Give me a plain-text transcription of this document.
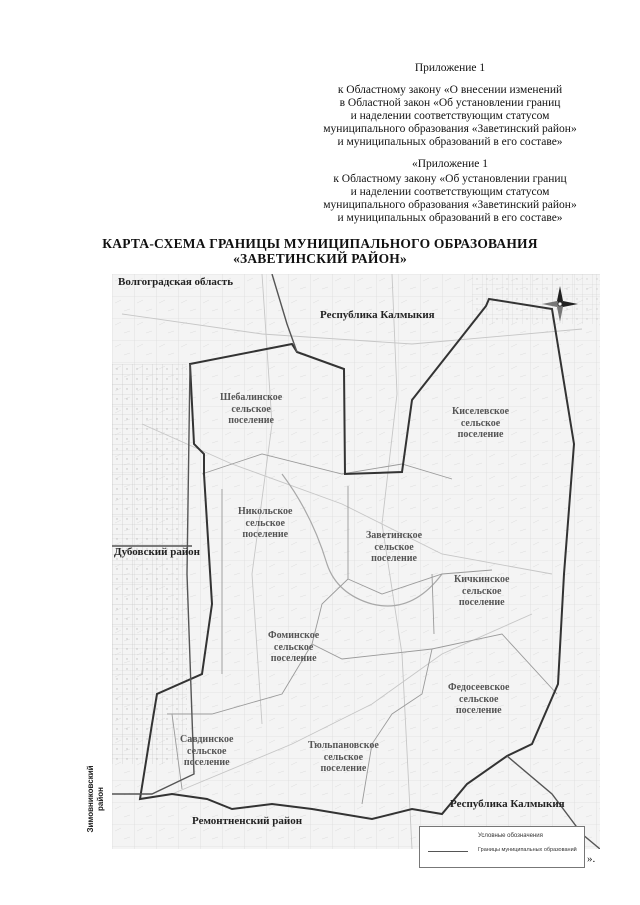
Приложение 1
к Областному закону «О внесении изменений
в Областной закон «Об установлении границ
и наделении соответствующим статусом
муниципального образования «Заветинский район»
и муниципальных образований в его составе»
«Приложение 1
к Областному закону «Об установлении границ
и наделении соответствующим статусом
муниципального образования «Заветинский район»
и муниципальных образований в его составе»
КАРТА-СХЕМА ГРАНИЦЫ МУНИЦИПАЛЬНОГО ОБРАЗОВАНИЯ
«ЗАВЕТИНСКИЙ РАЙОН»
Волгоградская область
Республика Калмыкия
Дубовский район
Республика Калмыкия
Ремонтненский район
Шебалинское
сельское
поселение
Киселевское
сельское
поселение
Никольское
сельское
поселение	Заветинское
сельское
поселение
Кичкинское
сельское
поселение
Фоминское
сельское
поселение
Федосеевское
сельское
поселение
Савдинское
сельское
поселение
Тюльпановское
сельское
поселение
Зимовниковский район
Условные обозначения
Границы муниципальных образований
».
